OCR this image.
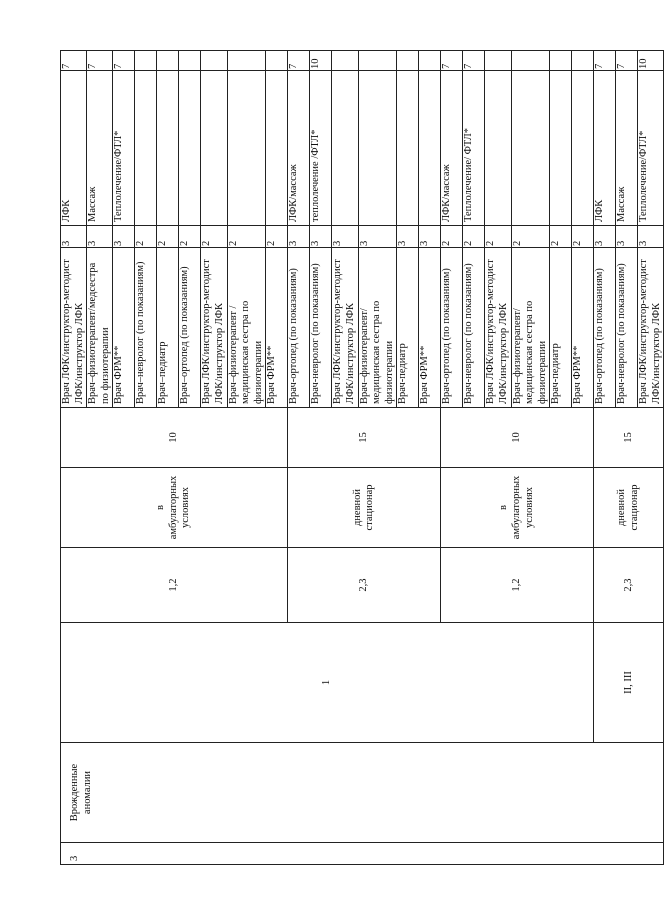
3	Врожденные аномалии	1	1,2	в амбулаторных условиях	10	Врач ЛФК/инструктор-методист ЛФК/инструктор ЛФК	3	ЛФК	7
						Врач–физиотерапевт/медсестра по физиотерапии	3	Массаж	7
						Врач ФРМ**	3	Теплолечение/ФТЛ*	7
						Врач–невролог (по показаниям)	2		
						Врач–педиатр	2		
						Врач–ортопед (по показаниям)	2		
						Врач ЛФК/инструктор-методист ЛФК/инструктор ЛФК	2		
						Врач–физиотерапевт /медицинская сестра по физиотерапии	2		
						Врач ФРМ**	2		
			2,3	дневной стационар	15	Врач-ортопед (по показаниям)	3	ЛФК/массаж	7
						Врач-невролог (по показаниям)	3	теплолечение /ФТЛ*	10
						Врач ЛФК/инструктор-методист ЛФК/инструктор ЛФК	3		
						Врач–физиотерапевт/ медицинская сестра по физиотерапии	3		
						Врач-педиатр	3		
						Врач ФРМ**	3		
			1,2	в амбулаторных условиях	10	Врач-ортопед (по показаниям)	2	ЛФК/массаж	7
						Врач-невролог (по показаниям)	2	Теплолечение/ ФТЛ*	7
						Врач ЛФК/инструктор-методист ЛФК/инструктор ЛФК	2		
						Врач–физиотерапевт/ медицинская сестра по физиотерапии	2		
						Врач-педиатр	2		
						Врач ФРМ**	2		
		II, III	2,3	дневной стационар	15	Врач-ортопед (по показаниям)	3	ЛФК	7
						Врач-невролог (по показаниям)	3	Массаж	7
						Врач ЛФК/инструктор-методист ЛФК/инструктор ЛФК	3	Теплолечение/ФТЛ*	10
